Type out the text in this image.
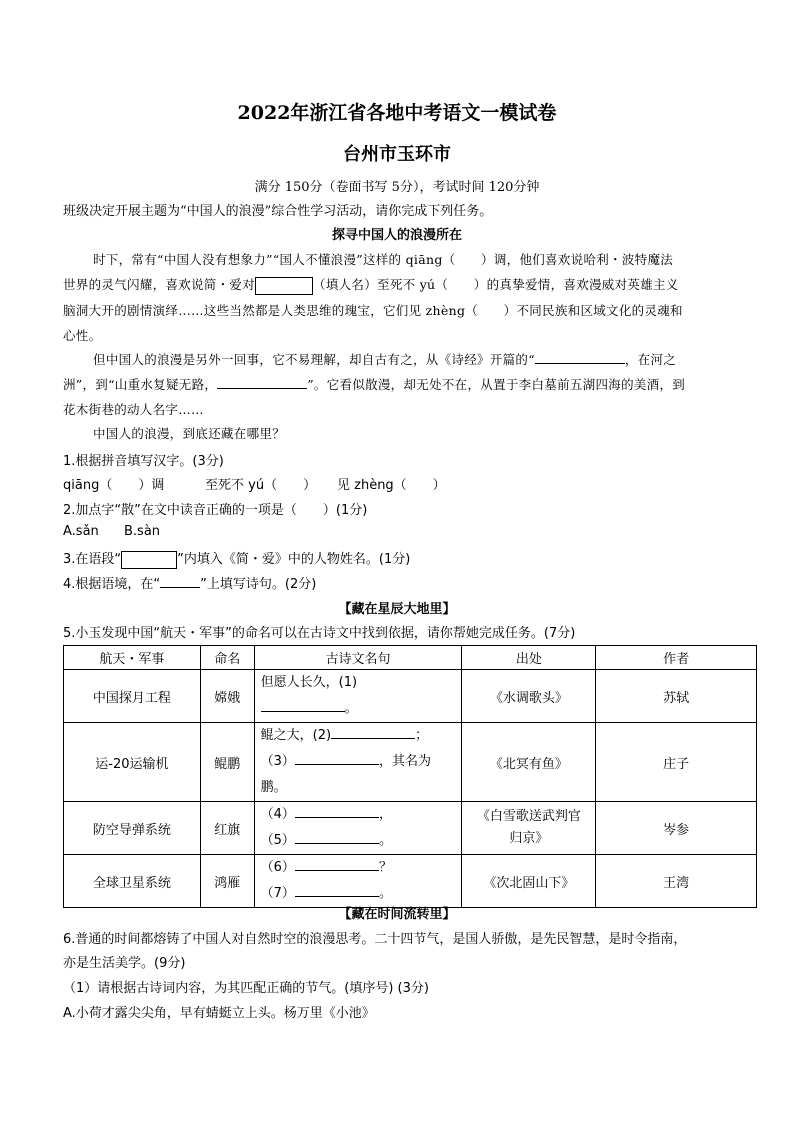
2022年浙江省各地中考语文一模试卷
台州市玉环市
满分 150分（卷面书写 5分），考试时间 120分钟
班级决定开展主题为“中国人的浪漫”综合性学习活动，请你完成下列任务。
探寻中国人的浪漫所在
时下，常有“中国人没有想象力”“国人不懂浪漫”这样的 qiāng（　　）调，他们喜欢说哈利・波特魔法
世界的灵气闪耀，喜欢说简・爱对	（填人名）至死不 yú（　　）的真挚爱情，喜欢漫威对英雄主义
脑洞大开的剧情演绎……这些当然都是人类思维的瑰宝，它们见 zhèng（　　）不同民族和区域文化的灵魂和
心性。
但中国人的浪漫是另外一回事，它不易理解，却自古有之，从《诗经》开篇的“	，在河之
洲”，到“山重水复疑无路，	”。它看似散漫，却无处不在，从置于李白墓前五湖四海的美酒，到
花木街巷的动人名字……
中国人的浪漫，到底还藏在哪里？
1.根据拼音填写汉字。(3分)
qiāng（　　）调	至死不 yú（　　） 见 zhèng（　　）
2.加点字“散”在文中读音正确的一项是（　　）(1分)
A.sǎn B.sàn
3.在语段“	”内填入《简・爱》中的人物姓名。(1分)
4.根据语境，在“	”上填写诗句。(2分)
【藏在星辰大地里】
5.小玉发现中国“航天・军事”的命名可以在古诗文中找到依据，请你帮她完成任务。(7分)
航天・军事	命名	古诗文名句	出处	作者
中国探月工程	嫦娥	但愿人长久，(1)
。	《水调歌头》	苏轼
运-20运输机	鲲鹏	鲲之大，(2) ；
（3） ，其名为
鹏。	《北冥有鱼》	庄子
防空导弹系统	红旗	（4） ，
（5） 。	《白雪歌送武判官归京》	岑参
全球卫星系统	鸿雁	（6） ？
（7） 。	《次北固山下》	王湾
【藏在时间流转里】
6.普通的时间都熔铸了中国人对自然时空的浪漫思考。二十四节气，是国人骄傲，是先民智慧，是时令指南，
亦是生活美学。(9分)
（1）请根据古诗词内容，为其匹配正确的节气。(填序号) (3分)
A.小荷才露尖尖角，早有蜻蜓立上头。杨万里《小池》
